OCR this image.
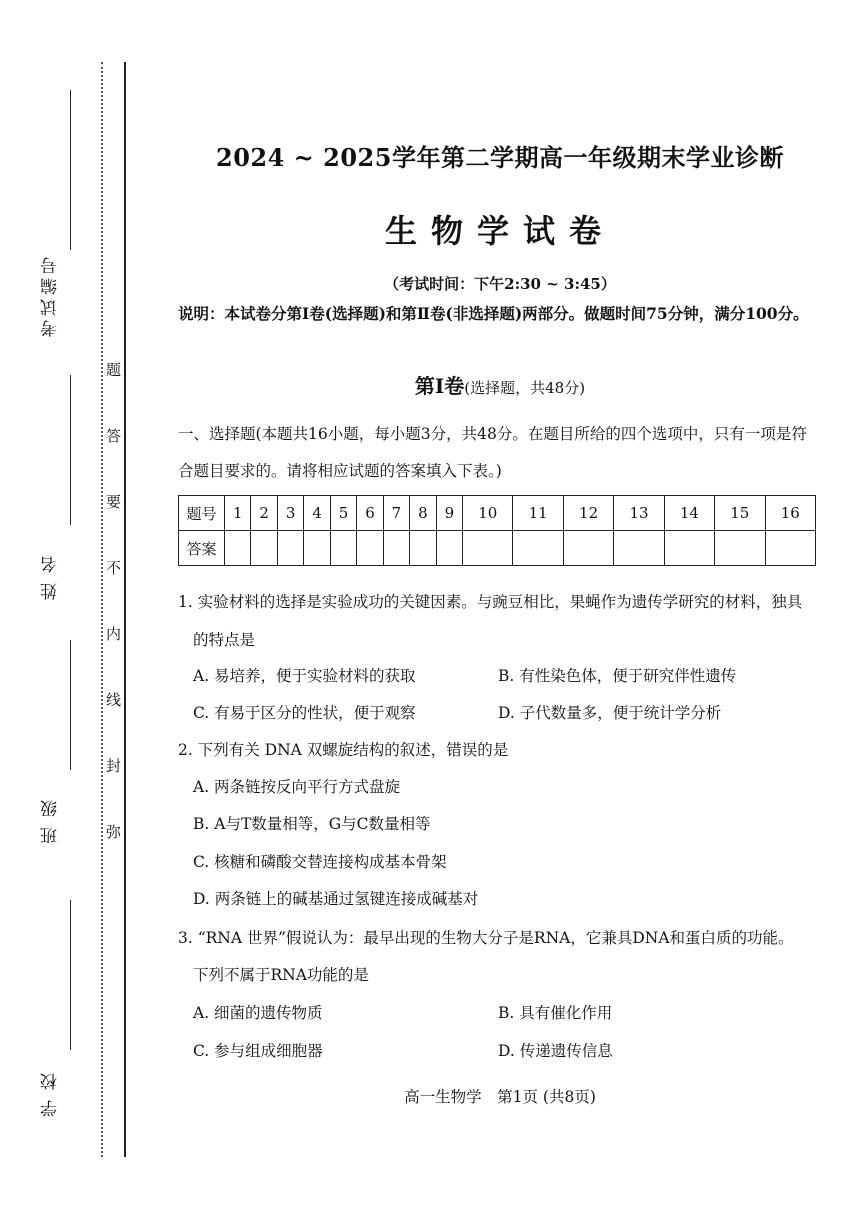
考试编号
姓名
班级
学校
题
答
要
不
内
线
封
弥
2024 ~ 2025学年第二学期高一年级期末学业诊断
生物学试卷
（考试时间：下午2:30 ~ 3:45）
说明：本试卷分第Ⅰ卷(选择题)和第Ⅱ卷(非选择题)两部分。做题时间75分钟，满分100分。
第Ⅰ卷(选择题，共48分)
一、选择题(本题共16小题，每小题3分，共48分。在题目所给的四个选项中，只有一项是符
合题目要求的。请将相应试题的答案填入下表。)
题号	1	2	3	4	5	6	7	8	9	10	11	12	13	14	15	16
答案																
1. 实验材料的选择是实验成功的关键因素。与豌豆相比，果蝇作为遗传学研究的材料，独具
的特点是
A. 易培养，便于实验材料的获取	B. 有性染色体，便于研究伴性遗传
C. 有易于区分的性状，便于观察	D. 子代数量多，便于统计学分析
2. 下列有关 DNA 双螺旋结构的叙述，错误的是
A. 两条链按反向平行方式盘旋
B. A与T数量相等，G与C数量相等
C. 核糖和磷酸交替连接构成基本骨架
D. 两条链上的碱基通过氢键连接成碱基对
3. “RNA 世界”假说认为：最早出现的生物大分子是RNA，它兼具DNA和蛋白质的功能。
下列不属于RNA功能的是
A. 细菌的遗传物质	B. 具有催化作用
C. 参与组成细胞器	D. 传递遗传信息
高一生物学　第1页 (共8页)
